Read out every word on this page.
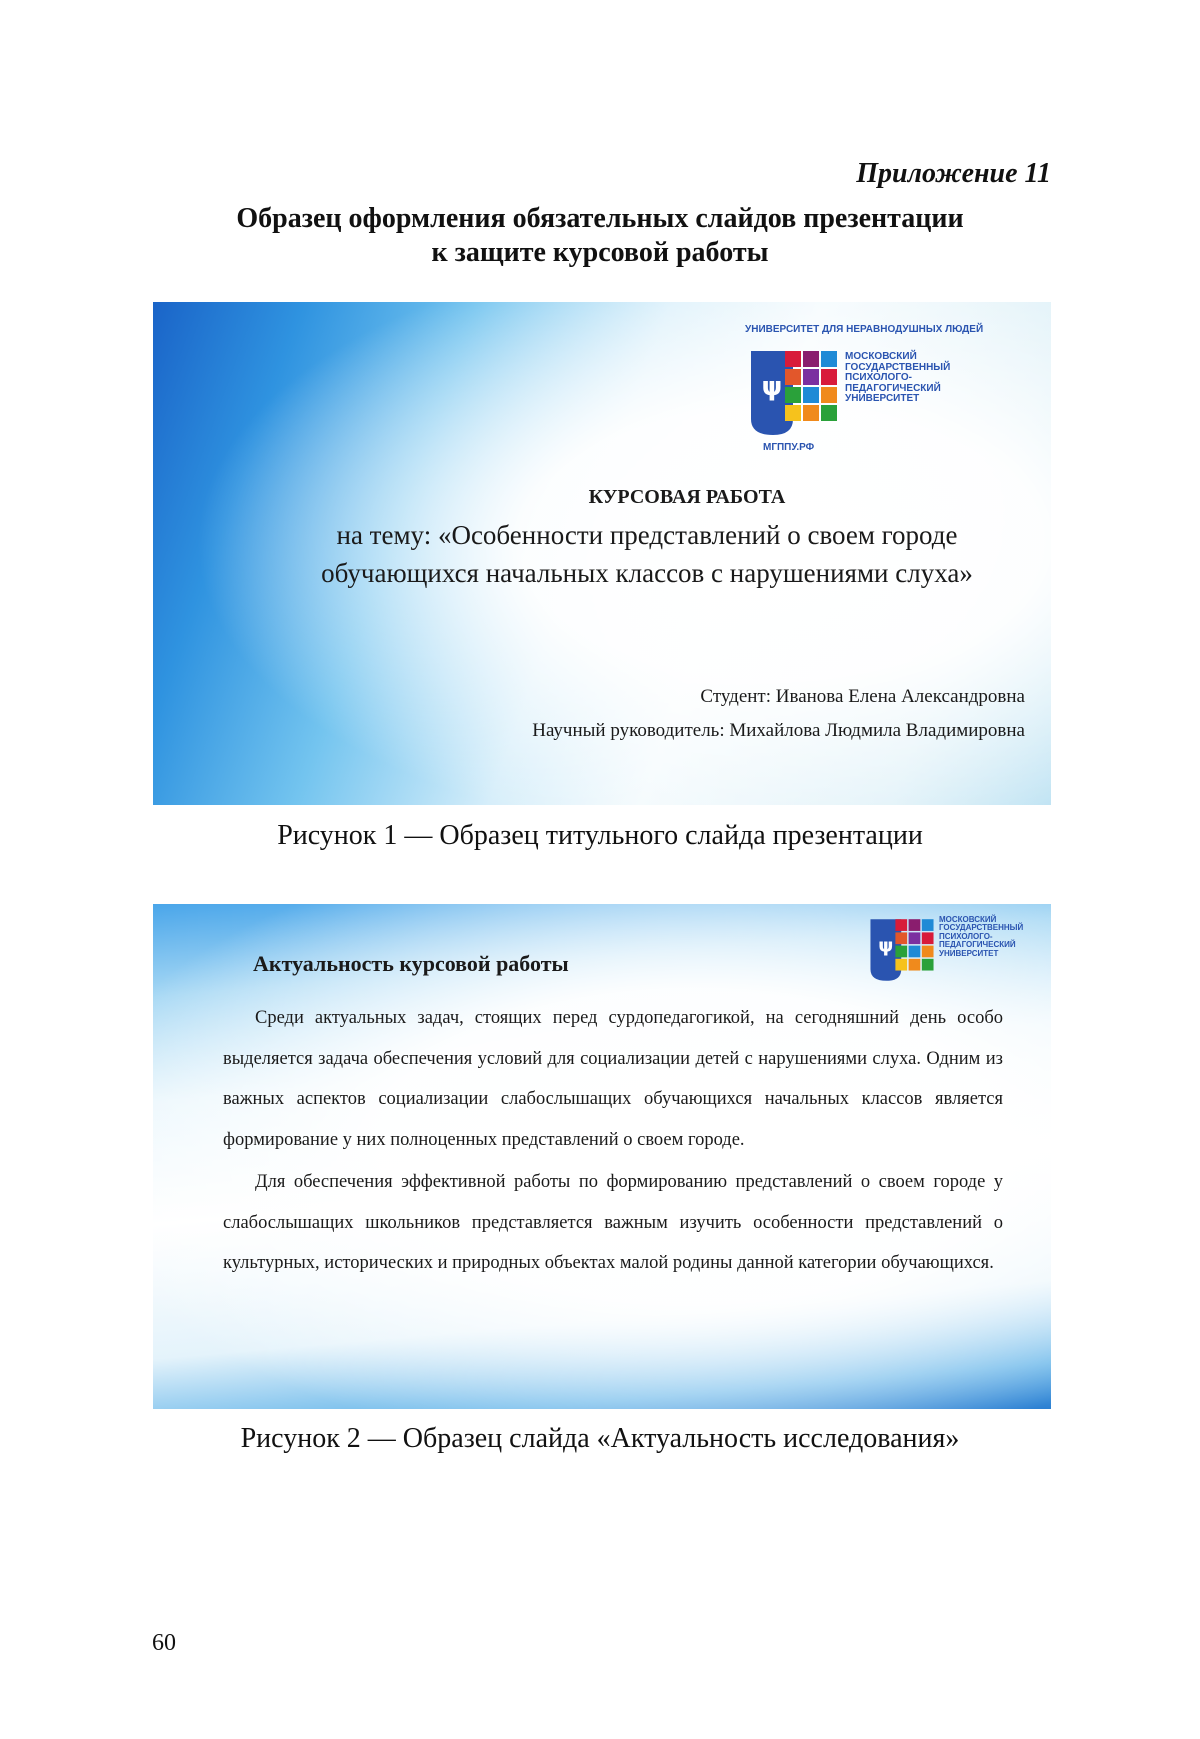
Приложение 11
Образец оформления обязательных слайдов презентации
к защите курсовой работы
УНИВЕРСИТЕТ ДЛЯ НЕРАВНОДУШНЫХ ЛЮДЕЙ
ψ
МОСКОВСКИЙ
ГОСУДАРСТВЕННЫЙ
ПСИХОЛОГО-
ПЕДАГОГИЧЕСКИЙ
УНИВЕРСИТЕТ
МГППУ.РФ
КУРСОВАЯ РАБОТА
на тему: «Особенности представлений о своем городе
обучающихся начальных классов с нарушениями слуха»
Студент: Иванова Елена Александровна
Научный руководитель: Михайлова Людмила Владимировна
Рисунок 1 — Образец титульного слайда презентации
ψ
МОСКОВСКИЙ
ГОСУДАРСТВЕННЫЙ
ПСИХОЛОГО-
ПЕДАГОГИЧЕСКИЙ
УНИВЕРСИТЕТ
Актуальность курсовой работы

Среди актуальных задач, стоящих перед сурдопедагогикой, на сегодняшний день особо выделяется задача обеспечения условий для социализации детей с нарушениями слуха. Одним из важных аспектов социализации слабослышащих обучающихся начальных классов является формирование у них полноценных представлений о своем городе.

Для обеспечения эффективной работы по формированию представлений о своем городе у слабослышащих школьников представляется важным изучить особенности представлений о культурных, исторических и природных объектах малой родины данной категории обучающихся.

Рисунок 2 — Образец слайда «Актуальность исследования»
60
